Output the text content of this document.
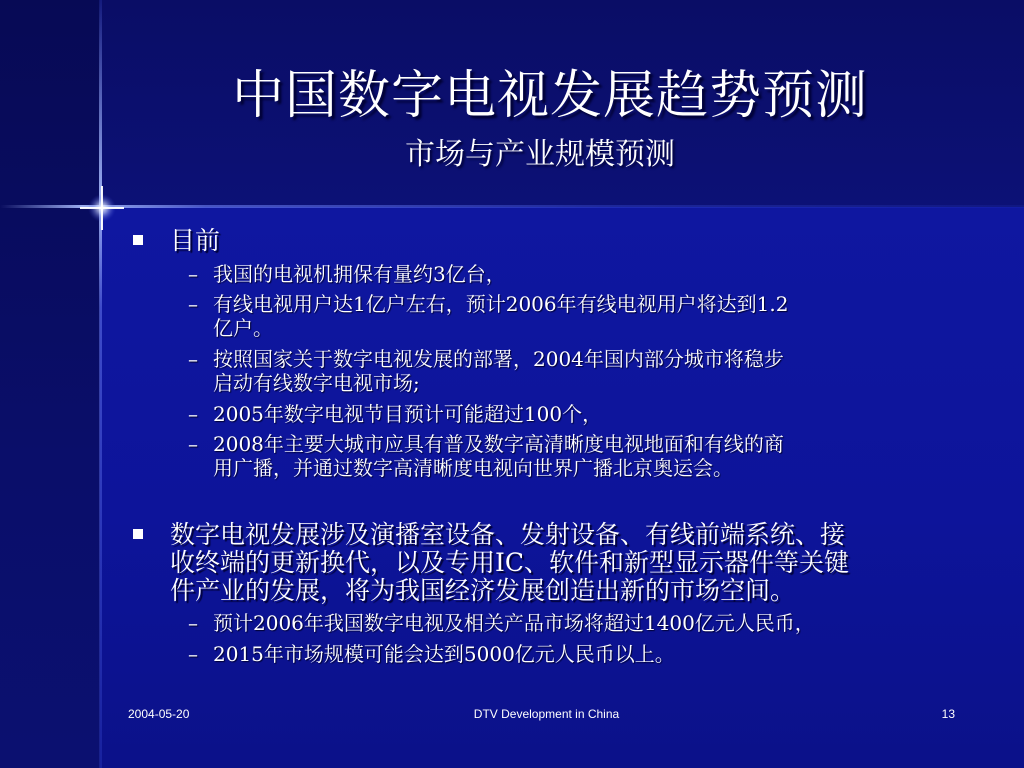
中国数字电视发展趋势预测
市场与产业规模预测
目前
– 我国的电视机拥保有量约3亿台，
– 有线电视用户达1亿户左右，预计2006年有线电视用户将达到1.2
亿户。
– 按照国家关于数字电视发展的部署，2004年国内部分城市将稳步
启动有线数字电视市场;
– 2005年数字电视节目预计可能超过100个，
– 2008年主要大城市应具有普及数字高清晰度电视地面和有线的商
用广播，并通过数字高清晰度电视向世界广播北京奥运会。
数字电视发展涉及演播室设备、发射设备、有线前端系统、接
收终端的更新换代，以及专用IC、软件和新型显示器件等关键
件产业的发展，将为我国经济发展创造出新的市场空间。
– 预计2006年我国数字电视及相关产品市场将超过1400亿元人民币，
– 2015年市场规模可能会达到5000亿元人民币以上。
2004-05-20	DTV Development in China	13
